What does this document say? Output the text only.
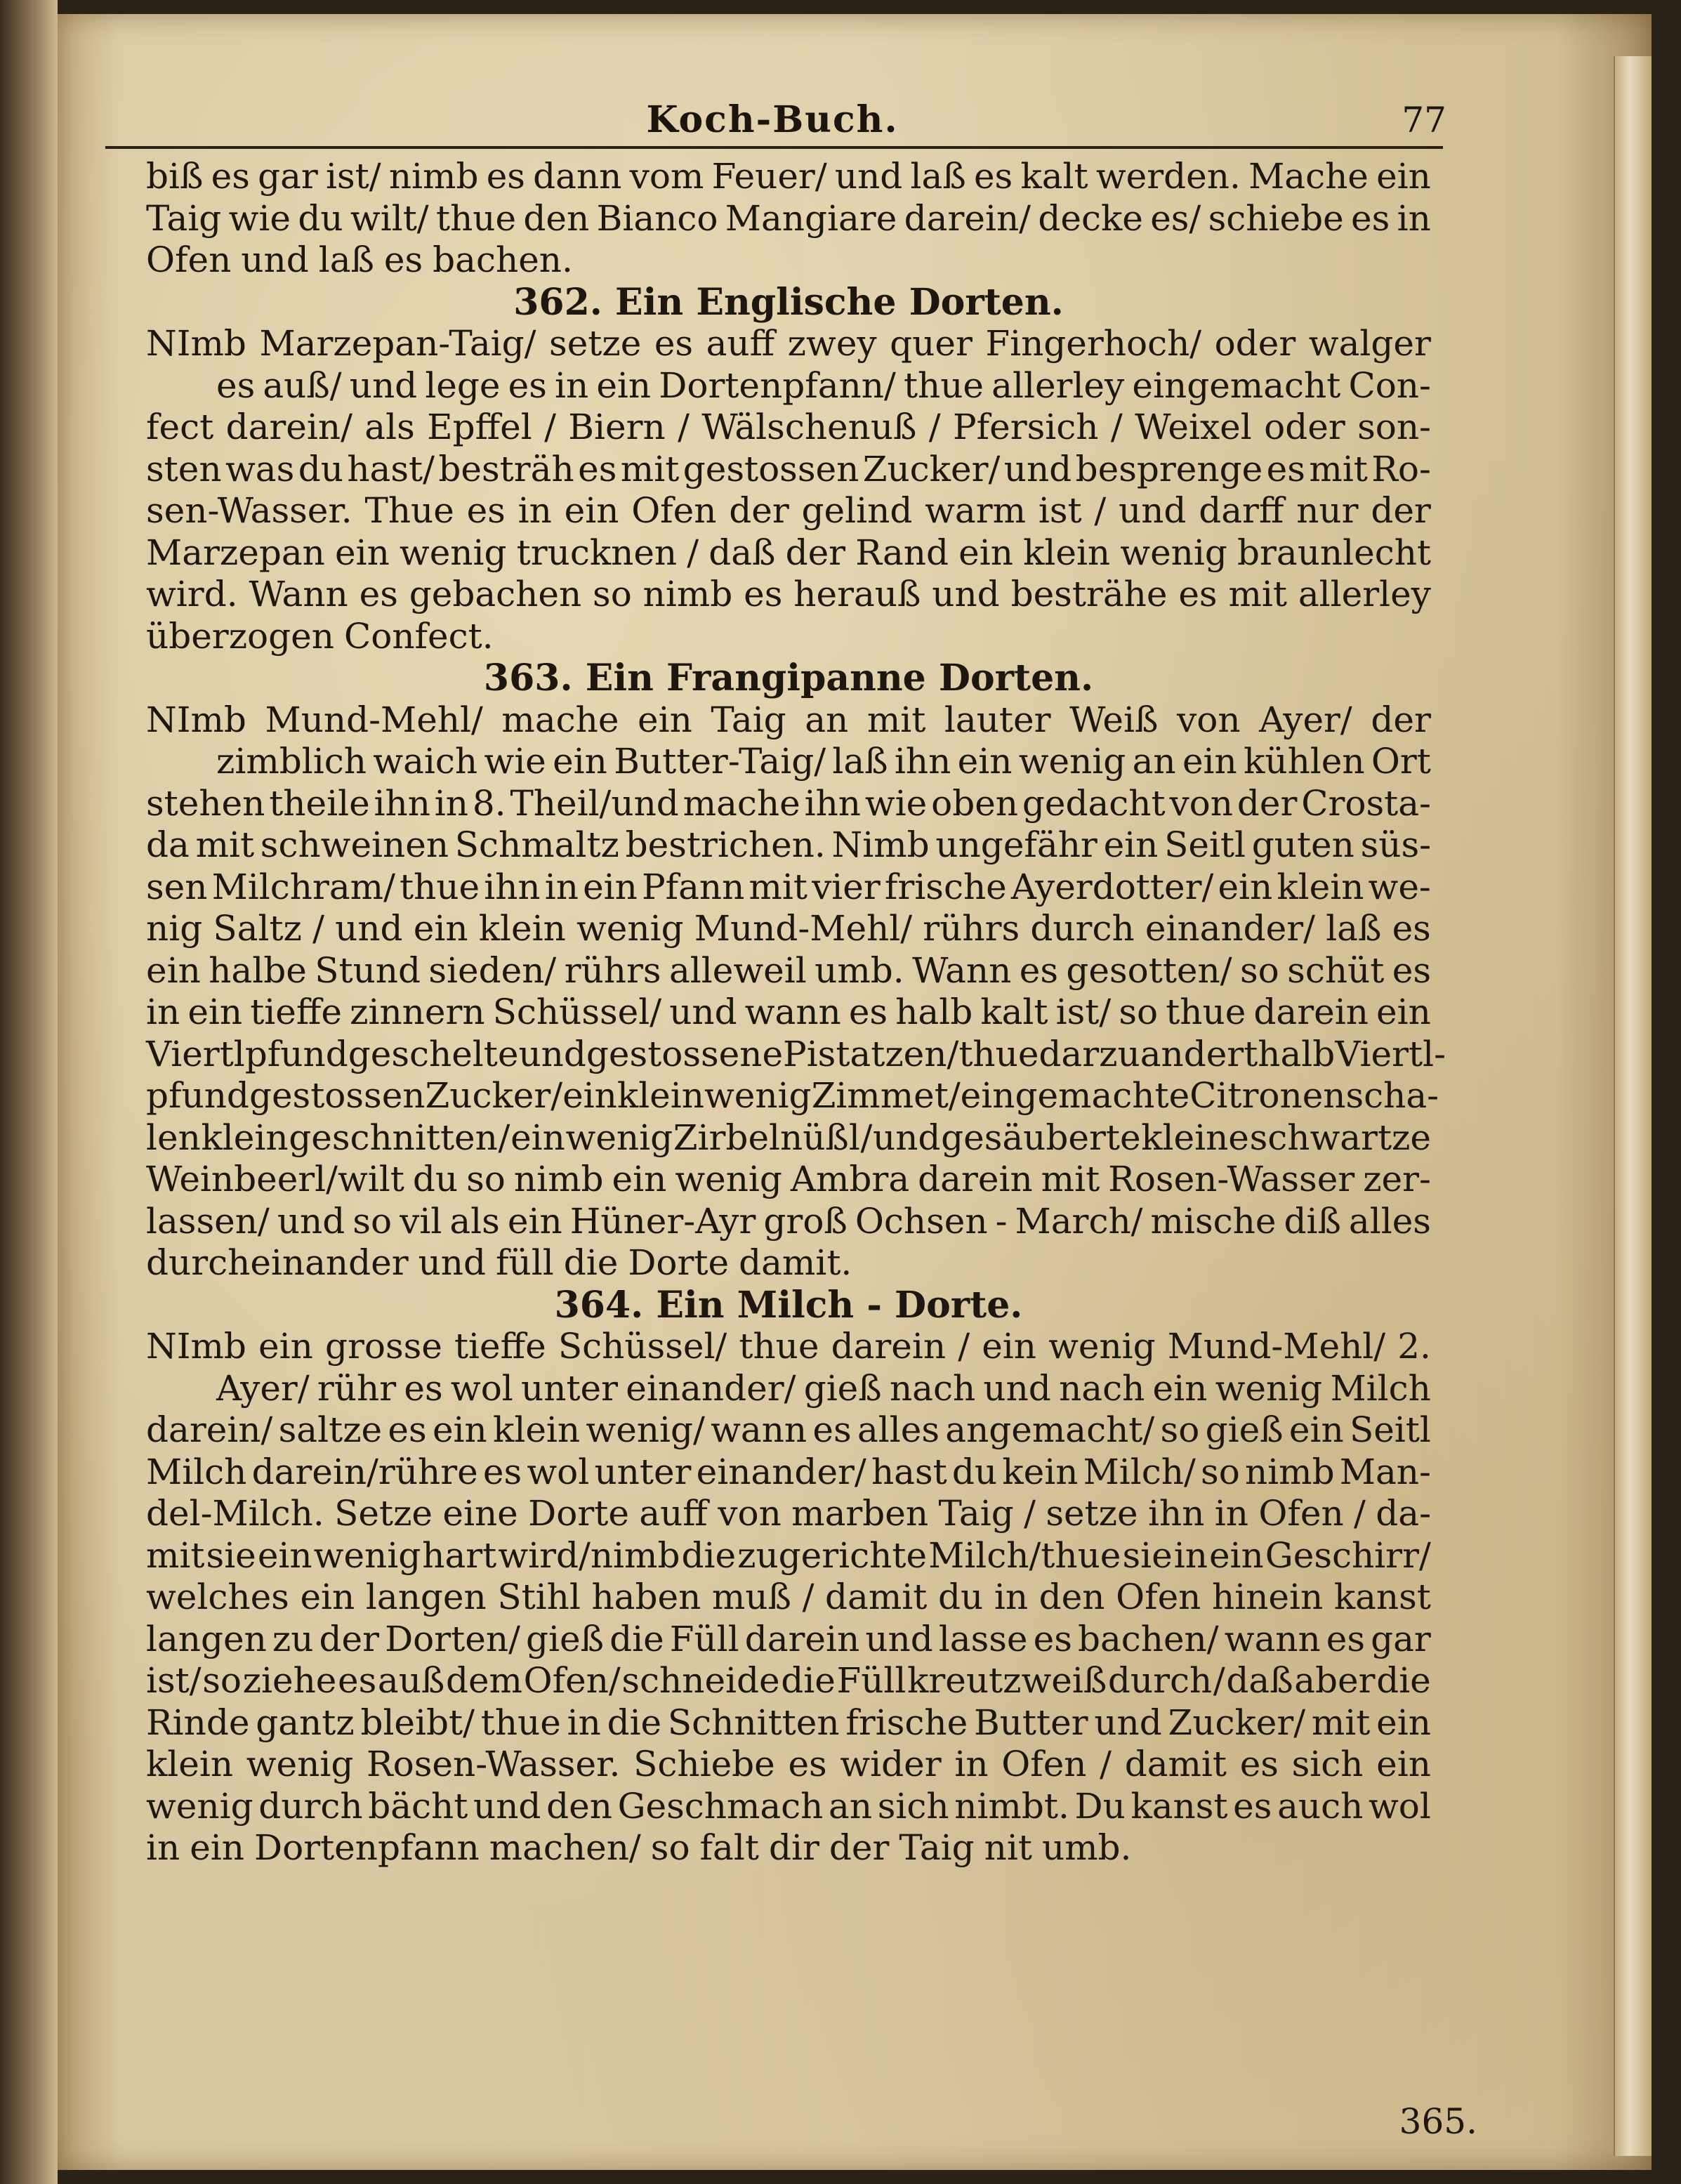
Koch-Buch.	77
biß es gar ist/ nimb es dann vom Feuer/ und laß es kalt werden. Mache ein
Taig wie du wilt/ thue den Bianco Mangiare darein/ decke es/ schiebe es in
Ofen und laß es bachen.
362. Ein Englische Dorten.
NImb Marzepan-Taig/ setze es auff zwey quer Fingerhoch/ oder walger
es auß/ und lege es in ein Dortenpfann/ thue allerley eingemacht Con-
fect darein/ als Epffel / Biern / Wälschenuß / Pfersich / Weixel oder son-
sten was du hast/ besträh es mit gestossen Zucker/ und besprenge es mit Ro-
sen-Wasser. Thue es in ein Ofen der gelind warm ist / und darff nur der
Marzepan ein wenig trucknen / daß der Rand ein klein wenig braunlecht
wird. Wann es gebachen so nimb es herauß und besträhe es mit allerley
überzogen Confect.
363. Ein Frangipanne Dorten.
NImb Mund-Mehl/ mache ein Taig an mit lauter Weiß von Ayer/ der
zimblich waich wie ein Butter-Taig/ laß ihn ein wenig an ein kühlen Ort
stehen theile ihn in 8. Theil/und mache ihn wie oben gedacht von der Crosta-
da mit schweinen Schmaltz bestrichen. Nimb ungefähr ein Seitl guten süs-
sen Milchram/ thue ihn in ein Pfann mit vier frische Ayerdotter/ ein klein we-
nig Saltz / und ein klein wenig Mund-Mehl/ rührs durch einander/ laß es
ein halbe Stund sieden/ rührs alleweil umb. Wann es gesotten/ so schüt es
in ein tieffe zinnern Schüssel/ und wann es halb kalt ist/ so thue darein ein
Viertlpfund geschelte und gestossene Pistatzen/ thue darzu anderthalb Viertl-
pfund gestossen Zucker/ ein klein wenig Zimmet / eingemachte Citronenscha-
len klein geschnitten / ein wenig Zirbelnüßl / und gesäuberte kleine schwartze
Weinbeerl/wilt du so nimb ein wenig Ambra darein mit Rosen-Wasser zer-
lassen/ und so vil als ein Hüner-Ayr groß Ochsen - March/ mische diß alles
durcheinander und füll die Dorte damit.
364. Ein Milch - Dorte.
NImb ein grosse tieffe Schüssel/ thue darein / ein wenig Mund-Mehl/ 2.
Ayer/ rühr es wol unter einander/ gieß nach und nach ein wenig Milch
darein/ saltze es ein klein wenig/ wann es alles angemacht/ so gieß ein Seitl
Milch darein/rühre es wol unter einander/ hast du kein Milch/ so nimb Man-
del-Milch. Setze eine Dorte auff von marben Taig / setze ihn in Ofen / da-
mit sie ein wenig hart wird/nimb die zugerichte Milch/thue sie in ein Geschirr/
welches ein langen Stihl haben muß / damit du in den Ofen hinein kanst
langen zu der Dorten/ gieß die Füll darein und lasse es bachen/ wann es gar
ist/ so ziehe es auß dem Ofen/ schneide die Füll kreutzweiß durch / daß aber die
Rinde gantz bleibt/ thue in die Schnitten frische Butter und Zucker/ mit ein
klein wenig Rosen-Wasser. Schiebe es wider in Ofen / damit es sich ein
wenig durch bächt und den Geschmach an sich nimbt. Du kanst es auch wol
in ein Dortenpfann machen/ so falt dir der Taig nit umb.
365.
